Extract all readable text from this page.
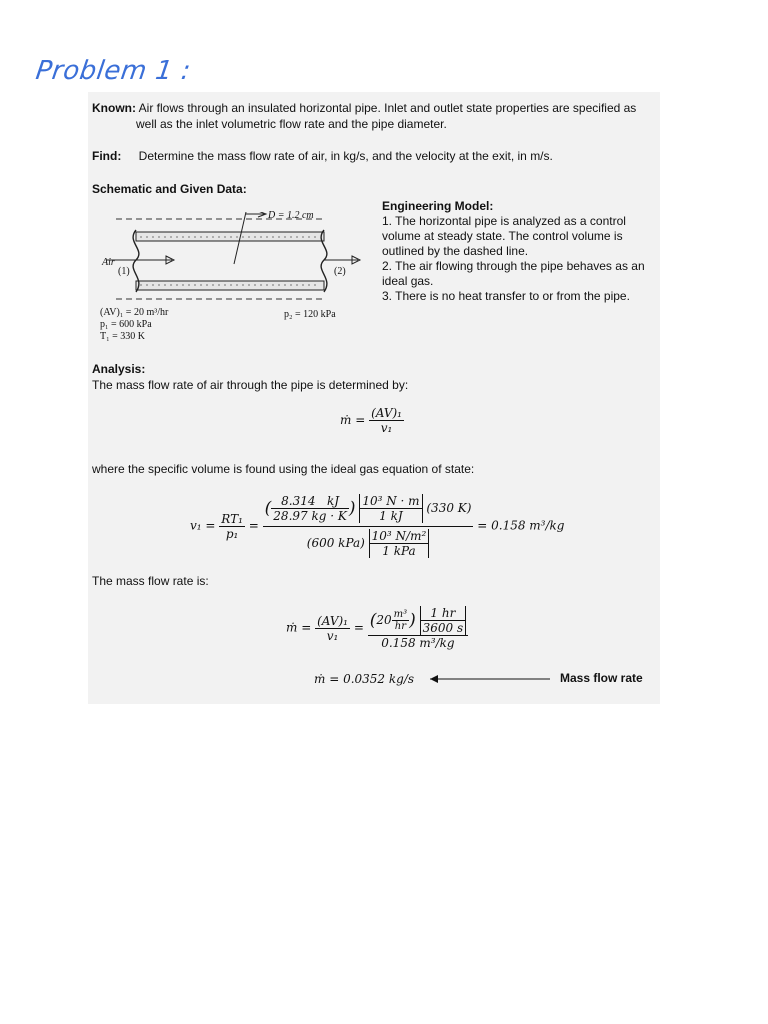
Problem 1 :
Known: Air flows through an insulated horizontal pipe. Inlet and outlet state properties are specified as
well as the inlet volumetric flow rate and the pipe diameter.
Find: Determine the mass flow rate of air, in kg/s, and the velocity at the exit, in m/s.
Schematic and Given Data:
D = 1.2 cm
Air
(1)	(2)
(AV)₁ = 20 m³/hr
p₁ = 600 kPa
T₁ = 330 K
p₂ = 120 kPa
Engineering Model:
1. The horizontal pipe is analyzed as a control
volume at steady state. The control volume is
outlined by the dashed line.
2. The air flowing through the pipe behaves as an
ideal gas.
3. There is no heat transfer to or from the pipe.
Analysis:
The mass flow rate of air through the pipe is determined by:
ṁ = $\frac{\text{(AV)₁}}{\text{v₁}}$
where the specific volume is found using the ideal gas equation of state:
$v_1 = \frac{\text{RT₁}}{\text{p₁}} = \frac{( \frac{8.314 kJ}{28.97 kg \cdot K} ) \frac{\text{10³ N · m}}{1 kJ} (330 K)}{(600 kPa) \frac{\text{10³ N/m²}}{\text{1 kPa}}} = 0.158$ m³/kg
The mass flow rate is:
ṁ = $\frac{\text{(AV)₁}}{\text{v₁}} = \frac{(20 \frac{\text{m³}}{hr} ) \frac{1 hr}{3600 s}}{\text{0.158 m³/kg}}$
ṁ = 0.0352 kg/s	Mass flow rate
